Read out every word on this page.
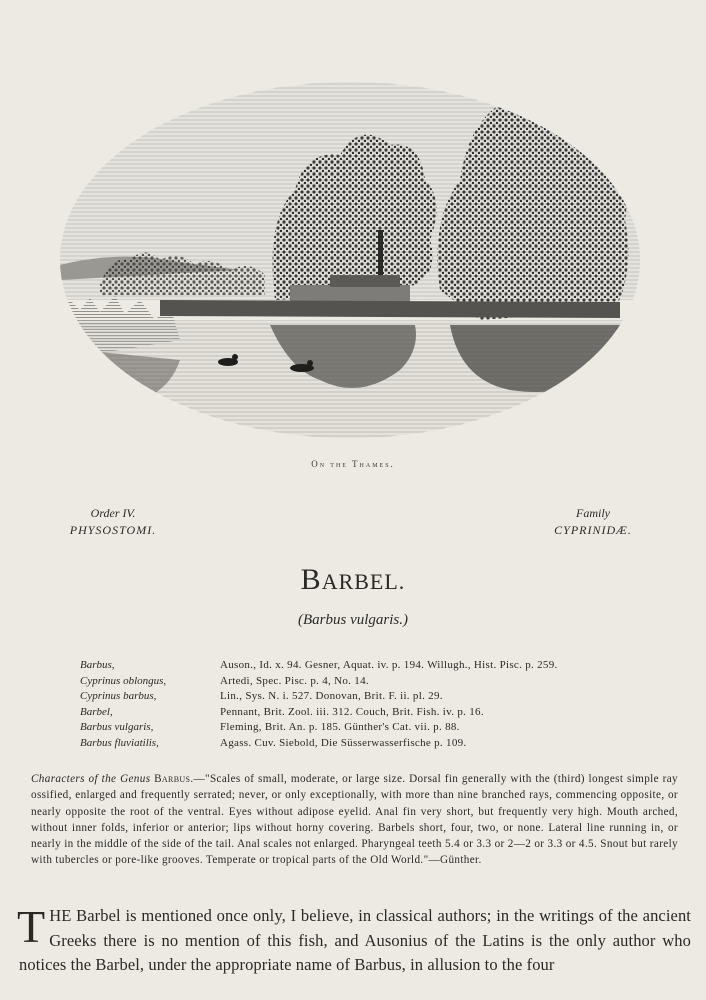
On the Thames.
Order IV.
PHYSOSTOMI.
Family
CYPRINIDÆ.
BARBEL.
(Barbus vulgaris.)
Barbus,	Auson., Id. x. 94. Gesner, Aquat. iv. p. 194. Willugh., Hist. Pisc. p. 259.
Cyprinus oblongus,	Artedi, Spec. Pisc. p. 4, No. 14.
Cyprinus barbus,	Lin., Sys. N. i. 527. Donovan, Brit. F. ii. pl. 29.
Barbel,	Pennant, Brit. Zool. iii. 312. Couch, Brit. Fish. iv. p. 16.
Barbus vulgaris,	Fleming, Brit. An. p. 185. Günther's Cat. vii. p. 88.
Barbus fluviatilis,	Agass. Cuv. Siebold, Die Süsserwasserfische p. 109.
Characters of the Genus Barbus.—"Scales of small, moderate, or large size. Dorsal fin generally with the (third) longest simple ray ossified, enlarged and frequently serrated; never, or only exceptionally, with more than nine branched rays, commencing opposite, or nearly opposite the root of the ventral. Eyes without adipose eyelid. Anal fin very short, but frequently very high. Mouth arched, without inner folds, inferior or anterior; lips without horny covering. Barbels short, four, two, or none. Lateral line running in, or nearly in the middle of the side of the tail. Anal scales not enlarged. Pharyngeal teeth 5.4 or 3.3 or 2—2 or 3.3 or 4.5. Snout but rarely with tubercles or pore-like grooves. Temperate or tropical parts of the Old World."—Günther.
THE Barbel is mentioned once only, I believe, in classical authors; in the writings of the ancient Greeks there is no mention of this fish, and Ausonius of the Latins is the only author who notices the Barbel, under the appropriate name of Barbus, in allusion to the four
